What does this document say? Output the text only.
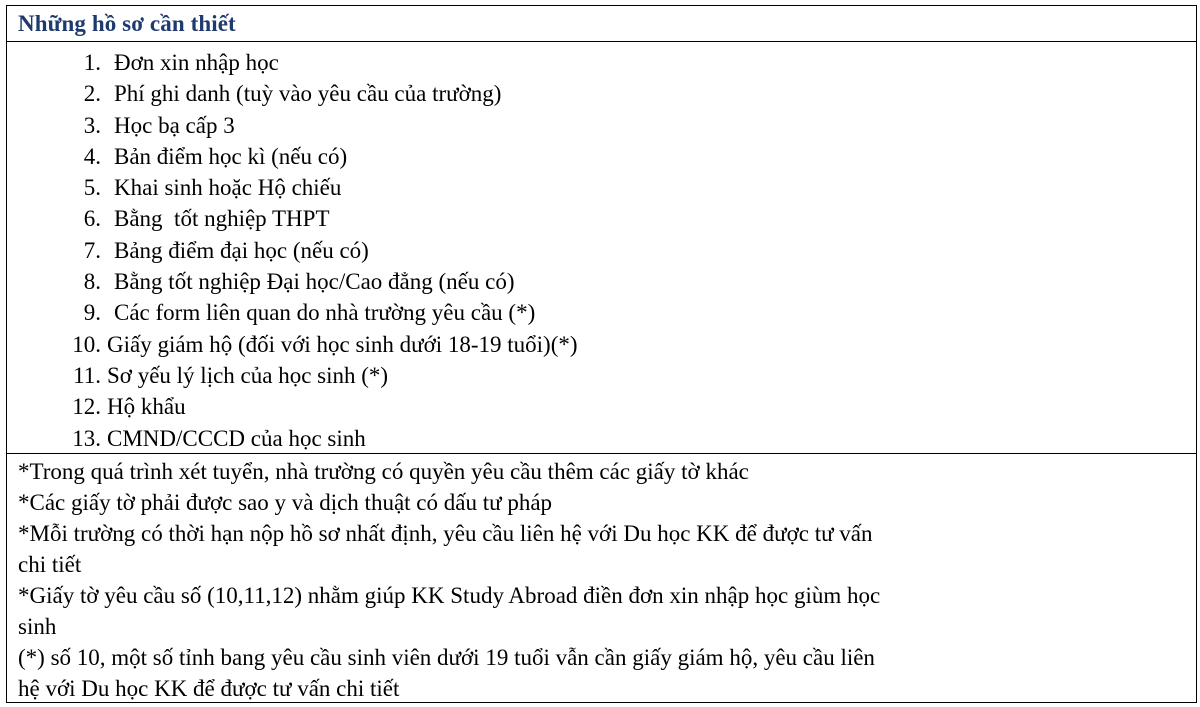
Những hồ sơ cần thiết
1. Đơn xin nhập học
2. Phí ghi danh (tuỳ vào yêu cầu của trường)
3. Học bạ cấp 3
4. Bản điểm học kì (nếu có)
5. Khai sinh hoặc Hộ chiếu
6. Bằng  tốt nghiệp THPT
7. Bảng điểm đại học (nếu có)
8. Bằng tốt nghiệp Đại học/Cao đẳng (nếu có)
9. Các form liên quan do nhà trường yêu cầu (*)
10. Giấy giám hộ (đối với học sinh dưới 18-19 tuổi)(*)
11. Sơ yếu lý lịch của học sinh (*)
12. Hộ khẩu
13. CMND/CCCD của học sinh
*Trong quá trình xét tuyển, nhà trường có quyền yêu cầu thêm các giấy tờ khác
*Các giấy tờ phải được sao y và dịch thuật có dấu tư pháp
*Mỗi trường có thời hạn nộp hồ sơ nhất định, yêu cầu liên hệ với Du học KK để được tư vấn
chi tiết
*Giấy tờ yêu cầu số (10,11,12) nhằm giúp KK Study Abroad điền đơn xin nhập học giùm học
sinh
(*) số 10, một số tỉnh bang yêu cầu sinh viên dưới 19 tuổi vẫn cần giấy giám hộ, yêu cầu liên
hệ với Du học KK để được tư vấn chi tiết
